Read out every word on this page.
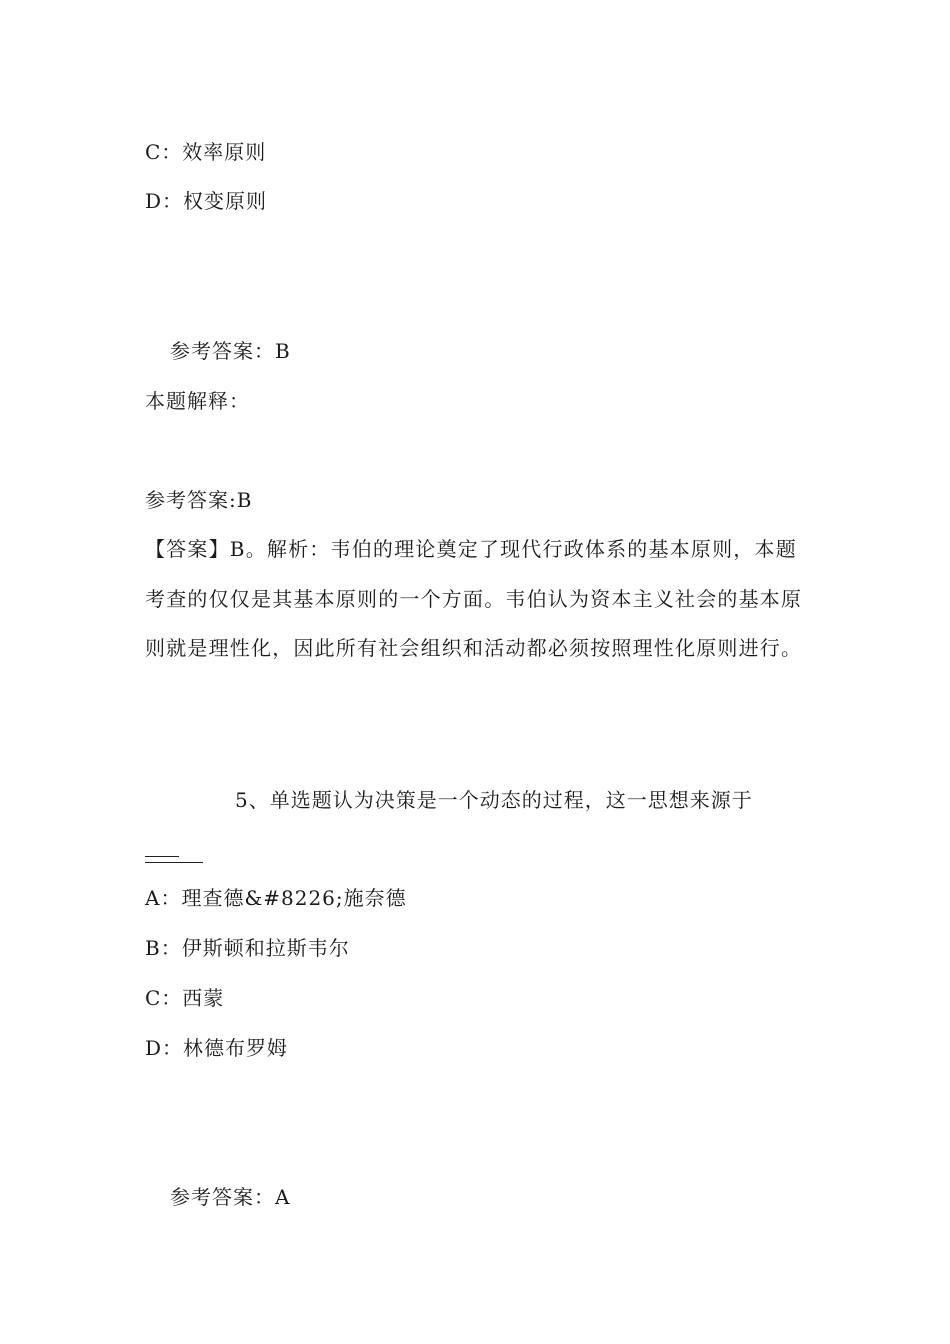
C：效率原则
D：权变原则
参考答案：B
本题解释：
参考答案:B
【答案】B。解析：韦伯的理论奠定了现代行政体系的基本原则，本题考查的仅仅是其基本原则的一个方面。韦伯认为资本主义社会的基本原则就是理性化，因此所有社会组织和活动都必须按照理性化原则进行。
5、单选题认为决策是一个动态的过程，这一思想来源于
A：理查德&#8226;施奈德
B：伊斯顿和拉斯韦尔
C：西蒙
D：林德布罗姆
参考答案：A
